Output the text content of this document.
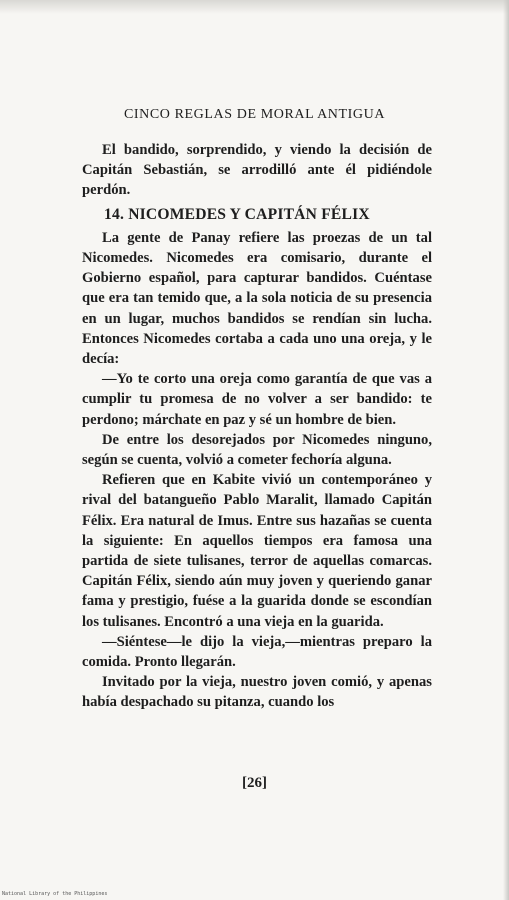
CINCO REGLAS DE MORAL ANTIGUA

El bandido, sorprendido, y viendo la decisión de Capitán Sebastián, se arrodilló ante él pidiéndole perdón.

14. NICOMEDES Y CAPITÁN FÉLIX

La gente de Panay refiere las proezas de un tal Nicomedes. Nicomedes era comisario, durante el Gobierno español, para capturar bandidos. Cuéntase que era tan temido que, a la sola noticia de su presencia en un lugar, muchos bandidos se rendían sin lucha. Entonces Nicomedes cortaba a cada uno una oreja, y le decía:

—Yo te corto una oreja como garantía de que vas a cumplir tu promesa de no volver a ser bandido: te perdono; márchate en paz y sé un hombre de bien.

De entre los desorejados por Nicomedes ninguno, según se cuenta, volvió a cometer fechoría alguna.

Refieren que en Kabite vivió un contemporáneo y rival del batangueño Pablo Maralit, llamado Capitán Félix. Era natural de Imus. Entre sus hazañas se cuenta la siguiente: En aquellos tiempos era famosa una partida de siete tulisanes, terror de aquellas comarcas. Capitán Félix, siendo aún muy joven y queriendo ganar fama y prestigio, fuése a la guarida donde se escondían los tulisanes. Encontró a una vieja en la guarida.

—Siéntese—le dijo la vieja,—mientras preparo la comida. Pronto llegarán.

Invitado por la vieja, nuestro joven comió, y apenas había despachado su pitanza, cuando los

[26]
National Library of the Philippines
